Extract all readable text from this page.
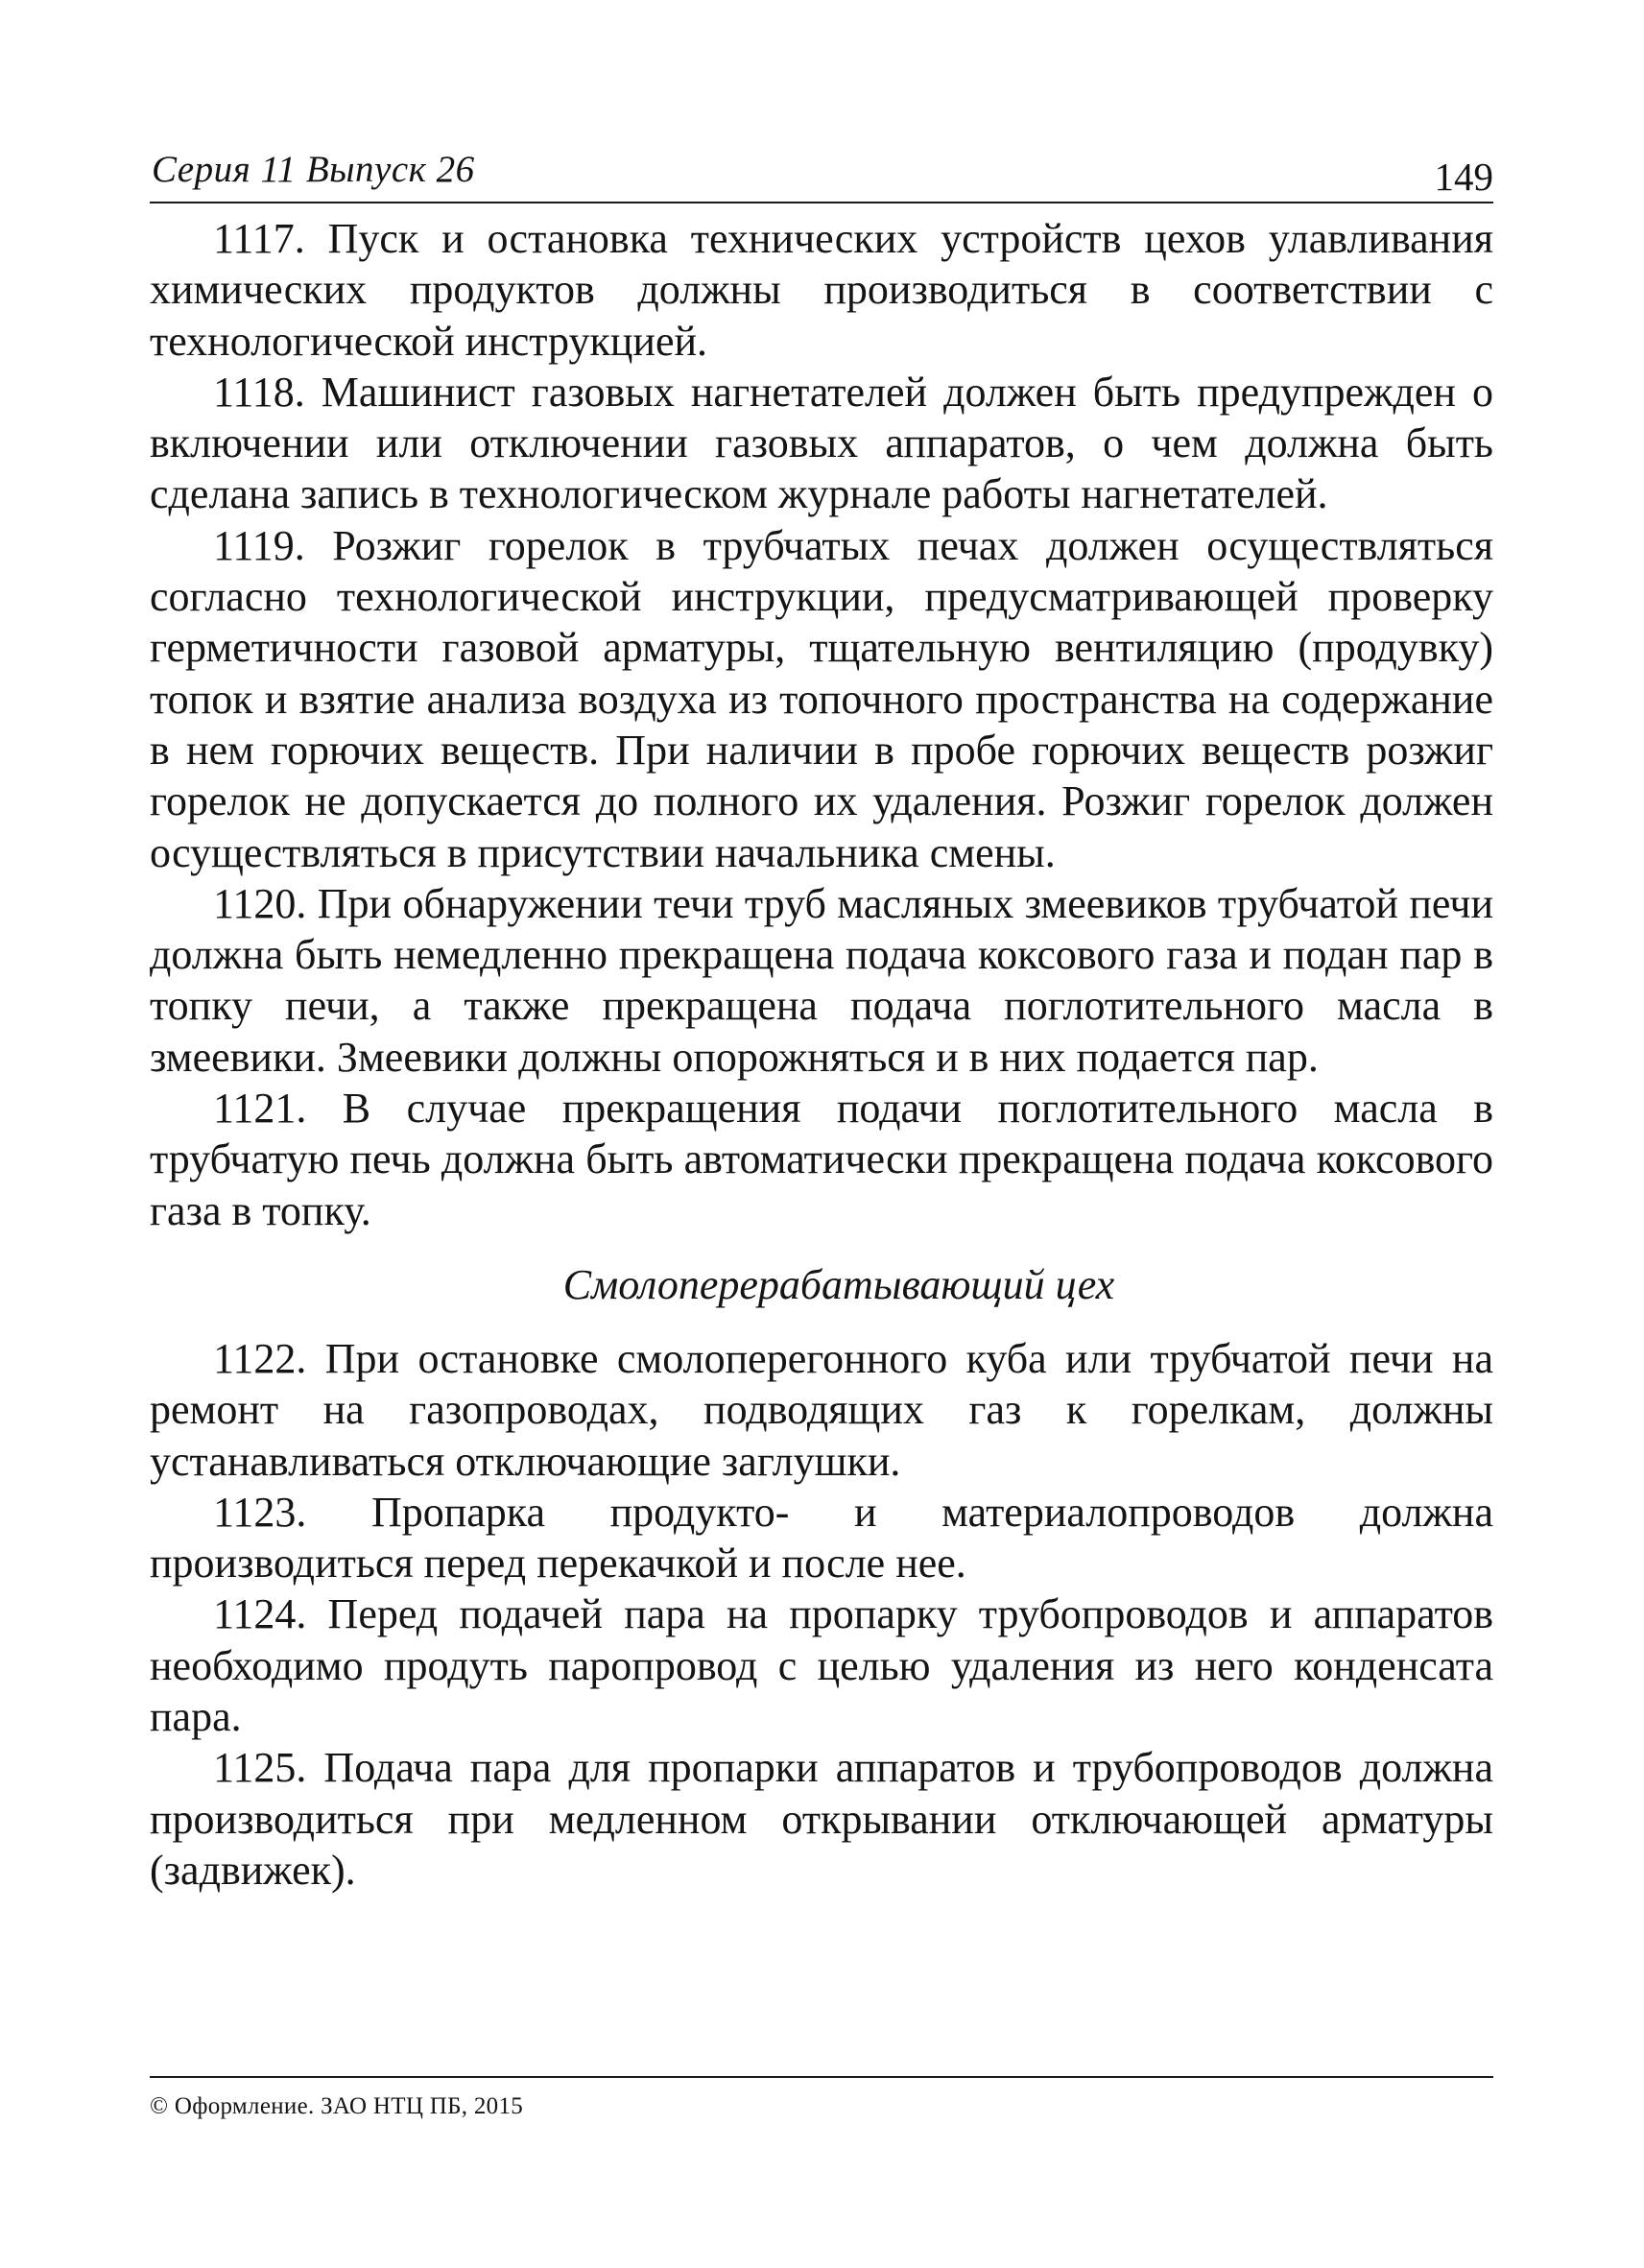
Серия 11 Выпуск 26	149

1117. Пуск и остановка технических устройств цехов улавливания химических продуктов должны производиться в соответствии с технологической инструкцией.

1118. Машинист газовых нагнетателей должен быть предупрежден о включении или отключении газовых аппаратов, о чем должна быть сделана запись в технологическом журнале работы нагнетателей.

1119. Розжиг горелок в трубчатых печах должен осуществляться согласно технологической инструкции, предусматривающей проверку герметичности газовой арматуры, тщательную вентиляцию (продувку) топок и взятие анализа воздуха из топочного пространства на содержание в нем горючих веществ. При наличии в пробе горючих веществ розжиг горелок не допускается до полного их удаления. Розжиг горелок должен осуществляться в присутствии начальника смены.

1120. При обнаружении течи труб масляных змеевиков трубчатой печи должна быть немедленно прекращена подача коксового газа и подан пар в топку печи, а также прекращена подача поглотительного масла в змеевики. Змеевики должны опорожняться и в них подается пар.

1121. В случае прекращения подачи поглотительного масла в трубчатую печь должна быть автоматически прекращена подача коксового газа в топку.

Смолоперерабатывающий цех

1122. При остановке смолоперегонного куба или трубчатой печи на ремонт на газопроводах, подводящих газ к горелкам, должны устанавливаться отключающие заглушки.

1123. Пропарка продукто- и материалопроводов должна производиться перед перекачкой и после нее.

1124. Перед подачей пара на пропарку трубопроводов и аппаратов необходимо продуть паропровод с целью удаления из него конденсата пара.

1125. Подача пара для пропарки аппаратов и трубопроводов должна производиться при медленном открывании отключающей арматуры (задвижек).

© Оформление. ЗАО НТЦ ПБ, 2015
